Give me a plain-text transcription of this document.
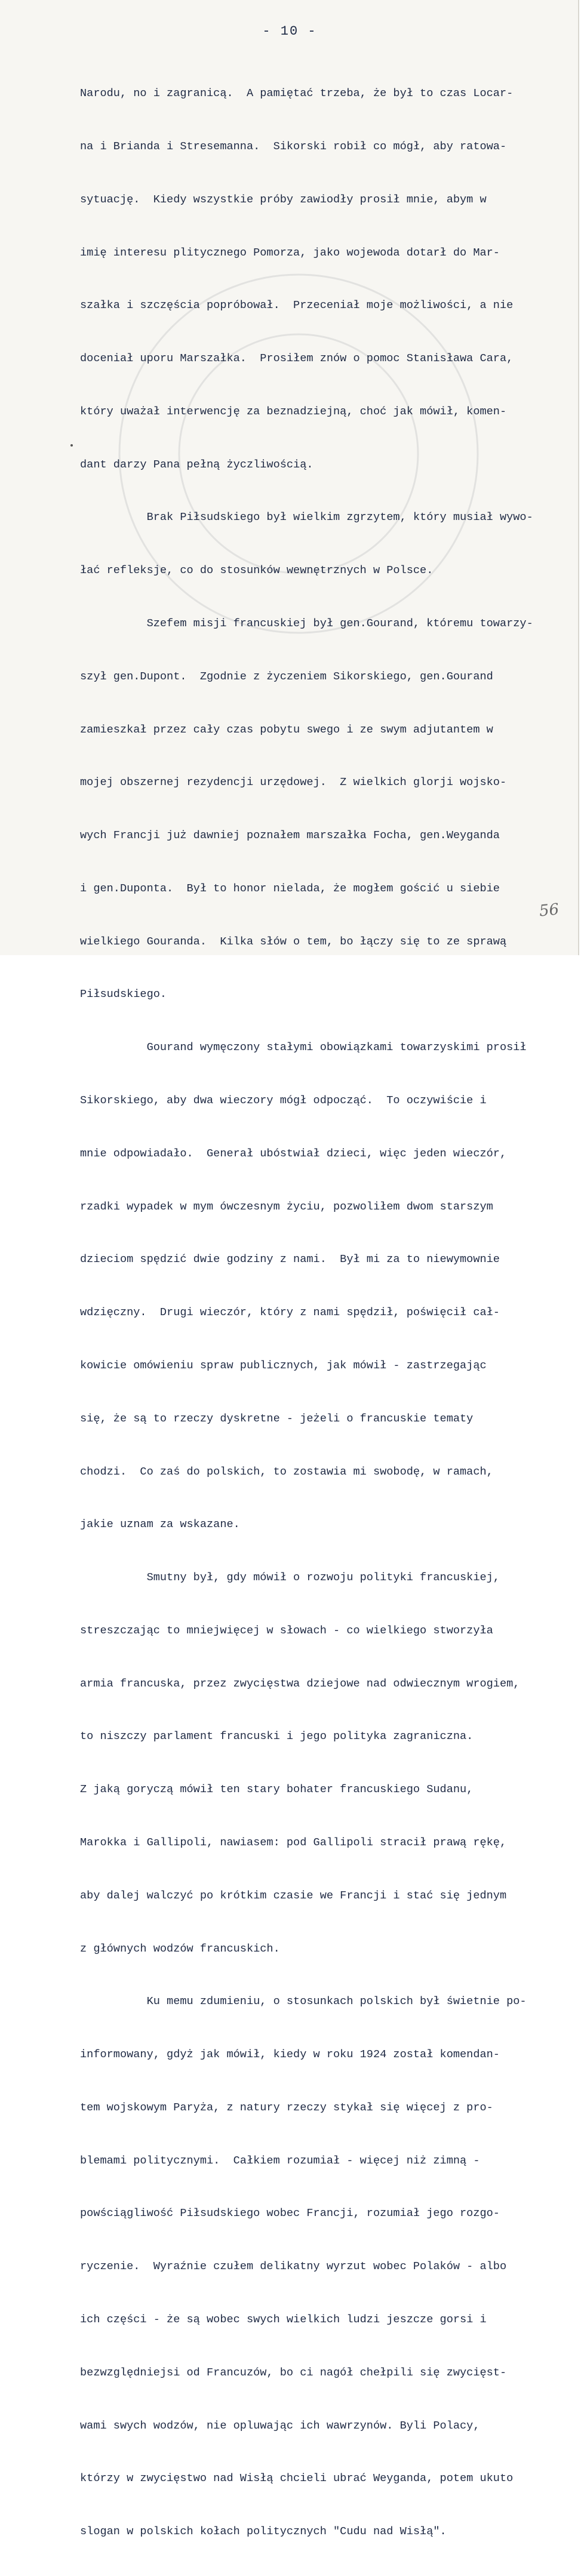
- 10 -

Narodu, no i zagranicą.  A pamiętać trzeba, że był to czas Locar-

na i Brianda i Stresemanna.  Sikorski robił co mógł, aby ratowa-

sytuację.  Kiedy wszystkie próby zawiodły prosił mnie, abym w

imię interesu plitycznego Pomorza, jako wojewoda dotarł do Mar-

szałka i szczęścia popróbował.  Przeceniał moje możliwości, a nie

doceniał uporu Marszałka.  Prosiłem znów o pomoc Stanisława Cara,

który uważał interwencję za beznadziejną, choć jak mówił, komen-

dant darzy Pana pełną życzliwością.

Brak Piłsudskiego był wielkim zgrzytem, który musiał wywo-

łać refleksje, co do stosunków wewnętrznych w Polsce.

Szefem misji francuskiej był gen.Gourand, któremu towarzy-

szył gen.Dupont.  Zgodnie z życzeniem Sikorskiego, gen.Gourand

zamieszkał przez cały czas pobytu swego i ze swym adjutantem w

mojej obszernej rezydencji urzędowej.  Z wielkich glorji wojsko-

wych Francji już dawniej poznałem marszałka Focha, gen.Weyganda

i gen.Duponta.  Był to honor nielada, że mogłem gościć u siebie

wielkiego Gouranda.  Kilka słów o tem, bo łączy się to ze sprawą

Piłsudskiego.

Gourand wymęczony stałymi obowiązkami towarzyskimi prosił

Sikorskiego, aby dwa wieczory mógł odpocząć.  To oczywiście i

mnie odpowiadało.  Generał ubóstwiał dzieci, więc jeden wieczór,

rzadki wypadek w mym ówczesnym życiu, pozwoliłem dwom starszym

dzieciom spędzić dwie godziny z nami.  Był mi za to niewymownie

wdzięczny.  Drugi wieczór, który z nami spędził, poświęcił cał-

kowicie omówieniu spraw publicznych, jak mówił - zastrzegając

się, że są to rzeczy dyskretne - jeżeli o francuskie tematy

chodzi.  Co zaś do polskich, to zostawia mi swobodę, w ramach,

jakie uznam za wskazane.

Smutny był, gdy mówił o rozwoju polityki francuskiej,

streszczając to mniejwięcej w słowach - co wielkiego stworzyła

armia francuska, przez zwycięstwa dziejowe nad odwiecznym wrogiem,

to niszczy parlament francuski i jego polityka zagraniczna.

Z jaką goryczą mówił ten stary bohater francuskiego Sudanu,

Marokka i Gallipoli, nawiasem: pod Gallipoli stracił prawą rękę,

aby dalej walczyć po krótkim czasie we Francji i stać się jednym

z głównych wodzów francuskich.

Ku memu zdumieniu, o stosunkach polskich był świetnie po-

informowany, gdyż jak mówił, kiedy w roku 1924 został komendan-

tem wojskowym Paryża, z natury rzeczy stykał się więcej z pro-

blemami politycznymi.  Całkiem rozumiał - więcej niż zimną -

powściągliwość Piłsudskiego wobec Francji, rozumiał jego rozgo-

ryczenie.  Wyraźnie czułem delikatny wyrzut wobec Polaków - albo

ich części - że są wobec swych wielkich ludzi jeszcze gorsi i

bezwzględniejsi od Francuzów, bo ci nagół chełpili się zwycięst-

wami swych wodzów, nie opluwając ich wawrzynów. Byli Polacy,

którzy w zwycięstwo nad Wisłą chcieli ubrać Weyganda, potem ukuto

slogan w polskich kołach politycznych "Cudu nad Wisłą".

56
